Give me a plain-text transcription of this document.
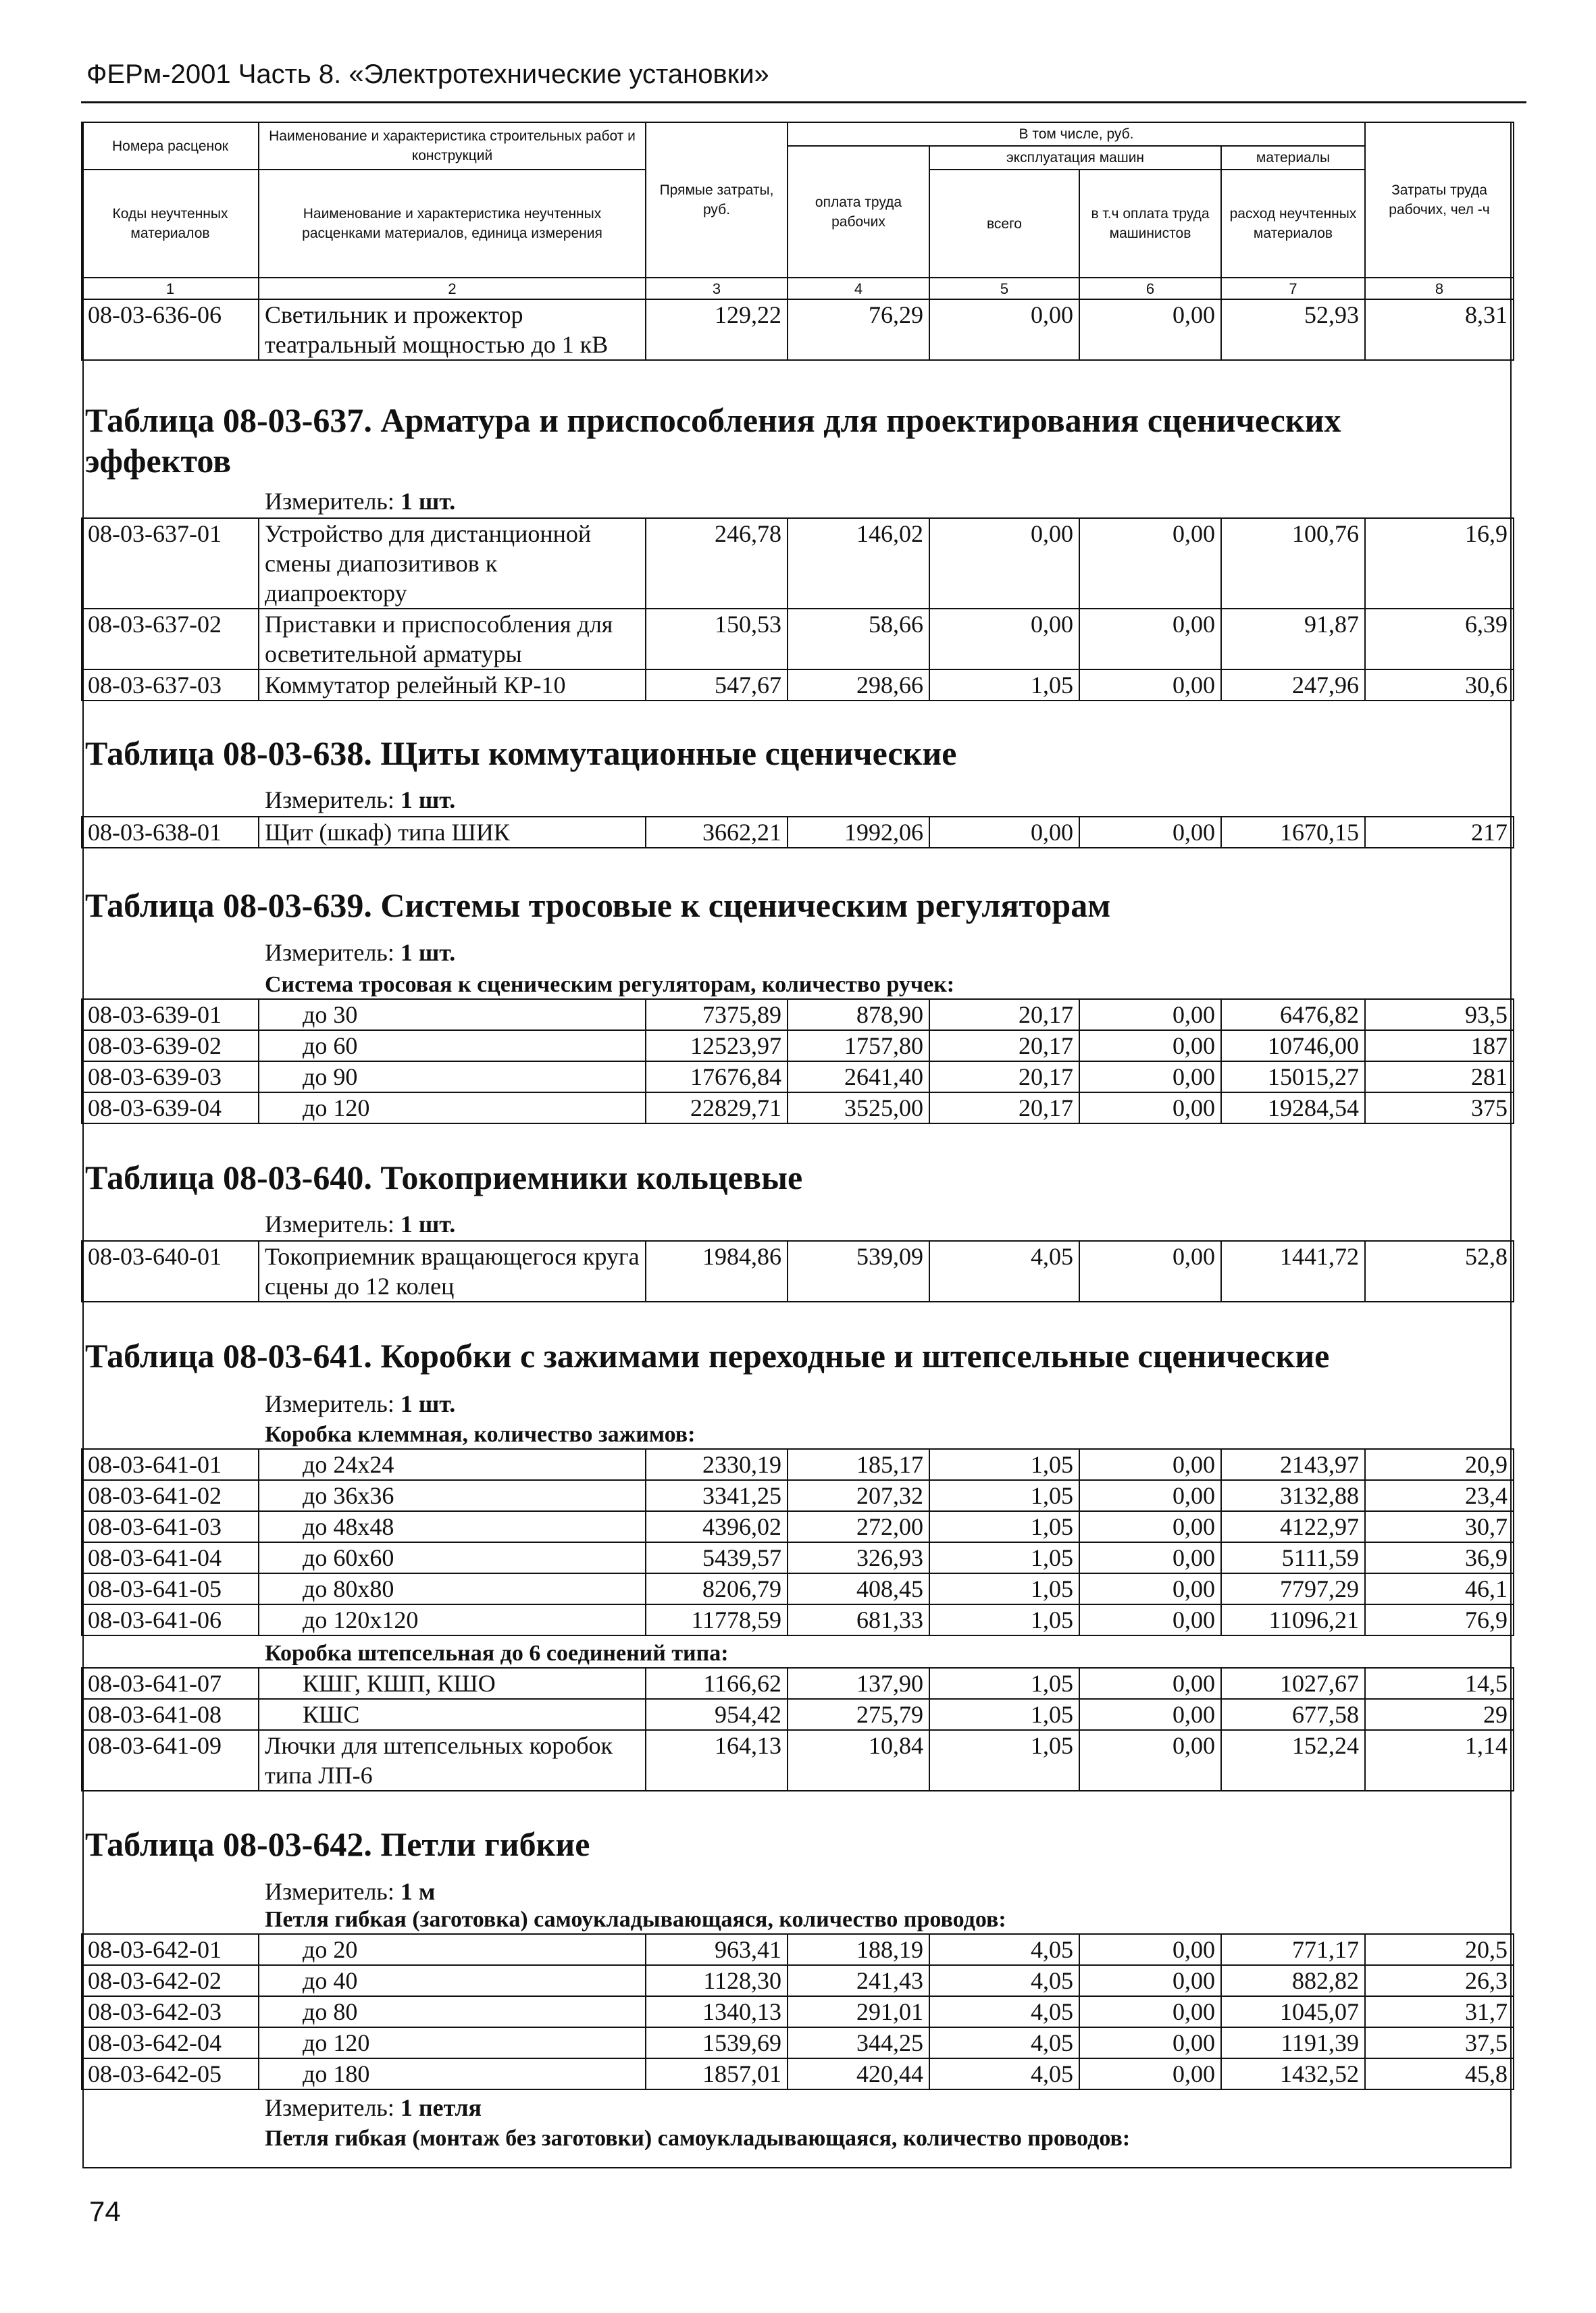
ФЕРм-2001 Часть 8. «Электротехнические установки»
Номера расценок	Наименование и характеристика строительных работ и конструкций	Прямые затраты, руб.	В том числе, руб.				Затраты труда рабочих, чел -ч
			оплата труда рабочих	эксплуатация машин		материалы	
Коды неучтенных материалов	Наименование и характеристика неучтенных расценками материалов, единица измерения			всего	в т.ч оплата труда машинистов	расход неучтенных материалов	

1	2	3	4	5	6	7	8
08-03-636-06	Светильник и прожектор театральный мощностью до 1 кВ	129,22	76,29	0,00	0,00	52,93	8,31
Таблица 08-03-637. Арматура и приспособления для проектирования сценических эффектов
Измеритель: 1 шт.
08-03-637-01	Устройство для дистанционной смены диапозитивов к диапроектору	246,78	146,02	0,00	0,00	100,76	16,9
08-03-637-02	Приставки и приспособления для осветительной арматуры	150,53	58,66	0,00	0,00	91,87	6,39
08-03-637-03	Коммутатор релейный КР-10	547,67	298,66	1,05	0,00	247,96	30,6
Таблица 08-03-638. Щиты коммутационные сценические
Измеритель: 1 шт.
08-03-638-01	Щит (шкаф) типа ШИК	3662,21	1992,06	0,00	0,00	1670,15	217
Таблица 08-03-639. Системы тросовые к сценическим регуляторам
Измеритель: 1 шт.
Система тросовая к сценическим регуляторам, количество ручек:
08-03-639-01	до 30	7375,89	878,90	20,17	0,00	6476,82	93,5
08-03-639-02	до 60	12523,97	1757,80	20,17	0,00	10746,00	187
08-03-639-03	до 90	17676,84	2641,40	20,17	0,00	15015,27	281
08-03-639-04	до 120	22829,71	3525,00	20,17	0,00	19284,54	375
Таблица 08-03-640. Токоприемники кольцевые
Измеритель: 1 шт.
08-03-640-01	Токоприемник вращающегося круга сцены до 12 колец	1984,86	539,09	4,05	0,00	1441,72	52,8
Таблица 08-03-641. Коробки с зажимами переходные и штепсельные сценические
Измеритель: 1 шт.
Коробка клеммная, количество зажимов:
08-03-641-01	до 24х24	2330,19	185,17	1,05	0,00	2143,97	20,9
08-03-641-02	до 36х36	3341,25	207,32	1,05	0,00	3132,88	23,4
08-03-641-03	до 48х48	4396,02	272,00	1,05	0,00	4122,97	30,7
08-03-641-04	до 60х60	5439,57	326,93	1,05	0,00	5111,59	36,9
08-03-641-05	до 80х80	8206,79	408,45	1,05	0,00	7797,29	46,1
08-03-641-06	до 120х120	11778,59	681,33	1,05	0,00	11096,21	76,9
Коробка штепсельная до 6 соединений типа:
08-03-641-07	КШГ, КШП, КШО	1166,62	137,90	1,05	0,00	1027,67	14,5
08-03-641-08	КШС	954,42	275,79	1,05	0,00	677,58	29
08-03-641-09	Лючки для штепсельных коробок типа ЛП-6	164,13	10,84	1,05	0,00	152,24	1,14
Таблица 08-03-642. Петли гибкие
Измеритель: 1 м
Петля гибкая (заготовка) самоукладывающаяся, количество проводов:
08-03-642-01	до 20	963,41	188,19	4,05	0,00	771,17	20,5
08-03-642-02	до 40	1128,30	241,43	4,05	0,00	882,82	26,3
08-03-642-03	до 80	1340,13	291,01	4,05	0,00	1045,07	31,7
08-03-642-04	до 120	1539,69	344,25	4,05	0,00	1191,39	37,5
08-03-642-05	до 180	1857,01	420,44	4,05	0,00	1432,52	45,8
Измеритель: 1 петля
Петля гибкая (монтаж без заготовки) самоукладывающаяся, количество проводов:
74
